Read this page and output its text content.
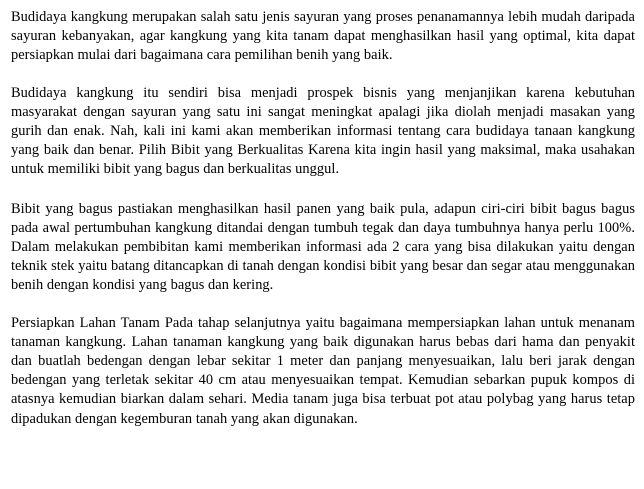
Budidaya kangkung merupakan salah satu jenis sayuran yang proses penanamannya lebih mudah daripada sayuran kebanyakan, agar kangkung yang kita tanam dapat menghasilkan hasil yang optimal, kita dapat persiapkan mulai dari bagaimana cara pemilihan benih yang baik.

Budidaya kangkung itu sendiri bisa menjadi prospek bisnis yang menjanjikan karena kebutuhan masyarakat dengan sayuran yang satu ini sangat meningkat apalagi jika diolah menjadi masakan yang gurih dan enak. Nah, kali ini kami akan memberikan informasi tentang cara budidaya tanaan kangkung yang baik dan benar. Pilih Bibit yang Berkualitas Karena kita ingin hasil yang maksimal, maka usahakan untuk memiliki bibit yang bagus dan berkualitas unggul.

Bibit yang bagus pastiakan menghasilkan hasil panen yang baik pula, adapun ciri-ciri bibit bagus bagus pada awal pertumbuhan kangkung ditandai dengan tumbuh tegak dan daya tumbuhnya hanya perlu 100%. Dalam melakukan pembibitan kami memberikan informasi ada 2 cara yang bisa dilakukan yaitu dengan teknik stek yaitu batang ditancapkan di tanah dengan kondisi bibit yang besar dan segar atau menggunakan benih dengan kondisi yang bagus dan kering.

Persiapkan Lahan Tanam Pada tahap selanjutnya yaitu bagaimana mempersiapkan lahan untuk menanam tanaman kangkung. Lahan tanaman kangkung yang baik digunakan harus bebas dari hama dan penyakit dan buatlah bedengan dengan lebar sekitar 1 meter dan panjang menyesuaikan, lalu beri jarak dengan bedengan yang terletak sekitar 40 cm atau menyesuaikan tempat. Kemudian sebarkan pupuk kompos di atasnya kemudian biarkan dalam sehari. Media tanam juga bisa terbuat pot atau polybag yang harus tetap dipadukan dengan kegemburan tanah yang akan digunakan.
